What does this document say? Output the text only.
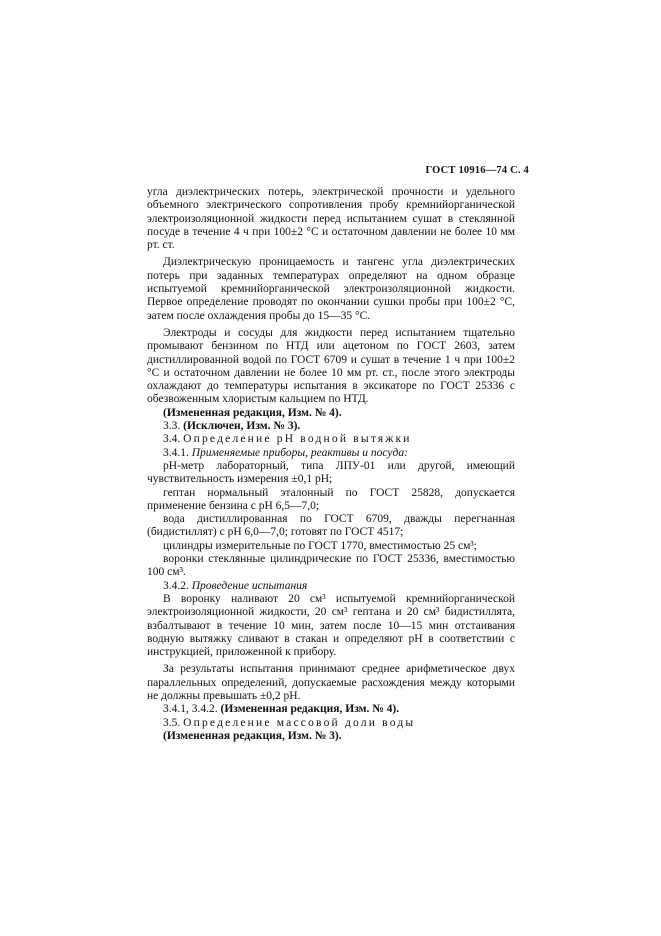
ГОСТ 10916—74 С. 4

угла диэлектрических потерь, электрической прочности и удельного объемного электрического сопротивления пробу кремнийорганической электроизоляционной жидкости перед испытанием сушат в стеклянной посуде в течение 4 ч при 100±2 °С и остаточном давлении не более 10 мм рт. ст.

Диэлектрическую проницаемость и тангенс угла диэлектрических потерь при заданных температурах определяют на одном образце испытуемой кремнийорганической электроизоляционной жидкости. Первое определение проводят по окончании сушки пробы при 100±2 °С, затем после охлаждения пробы до 15—35 °С.

Электроды и сосуды для жидкости перед испытанием тщательно промывают бензином по НТД или ацетоном по ГОСТ 2603, затем дистиллированной водой по ГОСТ 6709 и сушат в течение 1 ч при 100±2 °С и остаточном давлении не более 10 мм рт. ст., после этого электроды охлаждают до температуры испытания в эксикаторе по ГОСТ 25336 с обезвоженным хлористым кальцием по НТД.

(Измененная редакция, Изм. № 4).

3.3. (Исключен, Изм. № 3).

3.4. Определение рН водной вытяжки

3.4.1. Применяемые приборы, реактивы и посуда:

рН-метр лабораторный, типа ЛПУ-01 или другой, имеющий чувствительность измерения ±0,1 рН;

гептан нормальный эталонный по ГОСТ 25828, допускается применение бензина с рН 6,5—7,0;

вода дистиллированная по ГОСТ 6709, дважды перегнанная (бидистиллят) с рН 6,0—7,0; готовят по ГОСТ 4517;

цилиндры измерительные по ГОСТ 1770, вместимостью 25 см³;

воронки стеклянные цилиндрические по ГОСТ 25336, вместимостью 100 см³.

3.4.2. Проведение испытания

В воронку наливают 20 см³ испытуемой кремнийорганической электроизоляционной жидкости, 20 см³ гептана и 20 см³ бидистиллята, взбалтывают в течение 10 мин, затем после 10—15 мин отстаивания водную вытяжку сливают в стакан и определяют рН в соответствии с инструкцией, приложенной к прибору.

За результаты испытания принимают среднее арифметическое двух параллельных определений, допускаемые расхождения между которыми не должны превышать ±0,2 рН.

3.4.1, 3.4.2. (Измененная редакция, Изм. № 4).

3.5. Определение массовой доли воды

(Измененная редакция, Изм. № 3).
